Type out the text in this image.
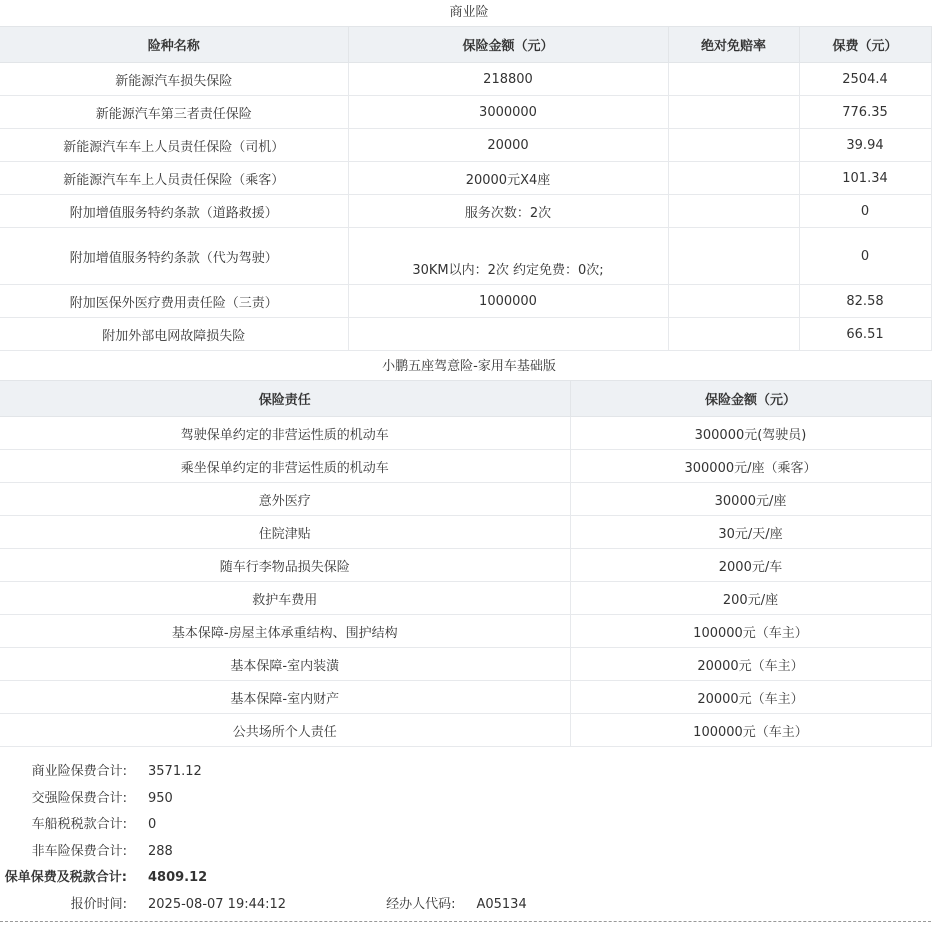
商业险
险种名称	保险金额（元）	绝对免赔率	保费（元）
新能源汽车损失保险	218800		2504.4
新能源汽车第三者责任保险	3000000		776.35
新能源汽车车上人员责任保险（司机）	20000		39.94
新能源汽车车上人员责任保险（乘客）	20000元X4座		101.34
附加增值服务特约条款（道路救援）	服务次数：2次		0
附加增值服务特约条款（代为驾驶）	30KM以内：2次 约定免费：0次;		0
附加医保外医疗费用责任险（三责）	1000000		82.58
附加外部电网故障损失险			66.51
小鹏五座驾意险-家用车基础版
保险责任	保险金额（元）
驾驶保单约定的非营运性质的机动车	300000元(驾驶员)
乘坐保单约定的非营运性质的机动车	300000元/座（乘客）
意外医疗	30000元/座
住院津贴	30元/天/座
随车行李物品损失保险	2000元/车
救护车费用	200元/座
基本保障-房屋主体承重结构、围护结构	100000元（车主）
基本保障-室内装潢	20000元（车主）
基本保障-室内财产	20000元（车主）
公共场所个人责任	100000元（车主）
商业险保费合计: 3571.12
交强险保费合计: 950
车船税税款合计: 0
非车险保费合计: 288
保单保费及税款合计: 4809.12
报价时间: 2025-08-07 19:44:12	经办人代码: A05134
